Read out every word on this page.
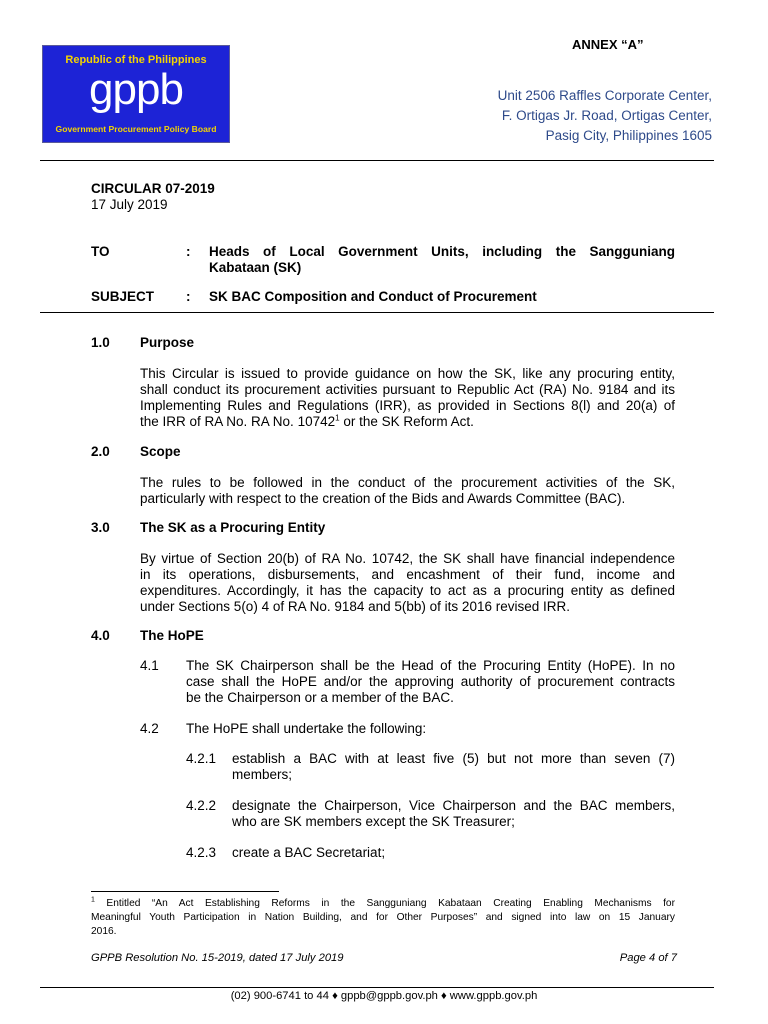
Republic of the Philippines
gppb
Government Procurement Policy Board
ANNEX “A”
Unit 2506 Raffles Corporate Center,
F. Ortigas Jr. Road, Ortigas Center,
Pasig City, Philippines 1605
CIRCULAR 07-2019
17 July 2019
TO	: Heads of Local Government Units, including the Sangguniang
Kabataan (SK)
SUBJECT : SK BAC Composition and Conduct of Procurement
1.0 Purpose
This Circular is issued to provide guidance on how the SK, like any procuring entity,
shall conduct its procurement activities pursuant to Republic Act (RA) No. 9184 and its
Implementing Rules and Regulations (IRR), as provided in Sections 8(l) and 20(a) of
the IRR of RA No. RA No. 10742$^1$ or the SK Reform Act.
2.0 Scope
The rules to be followed in the conduct of the procurement activities of the SK,
particularly with respect to the creation of the Bids and Awards Committee (BAC).
3.0 The SK as a Procuring Entity
By virtue of Section 20(b) of RA No. 10742, the SK shall have financial independence
in its operations, disbursements, and encashment of their fund, income and
expenditures. Accordingly, it has the capacity to act as a procuring entity as defined
under Sections 5(o) 4 of RA No. 9184 and 5(bb) of its 2016 revised IRR.
4.0 The HoPE
4.1 The SK Chairperson shall be the Head of the Procuring Entity (HoPE). In no
case shall the HoPE and/or the approving authority of procurement contracts
be the Chairperson or a member of the BAC.
4.2 The HoPE shall undertake the following:
4.2.1 establish a BAC with at least five (5) but not more than seven (7)
members;
4.2.2 designate the Chairperson, Vice Chairperson and the BAC members,
who are SK members except the SK Treasurer;
4.2.3 create a BAC Secretariat;
$^1$ Entitled “An Act Establishing Reforms in the Sangguniang Kabataan Creating Enabling Mechanisms for
Meaningful Youth Participation in Nation Building, and for Other Purposes” and signed into law on 15 January
2016.
GPPB Resolution No. 15-2019, dated 17 July 2019	Page 4 of 7
(02) 900-6741 to 44 ♦ gppb@gppb.gov.ph ♦ www.gppb.gov.ph
